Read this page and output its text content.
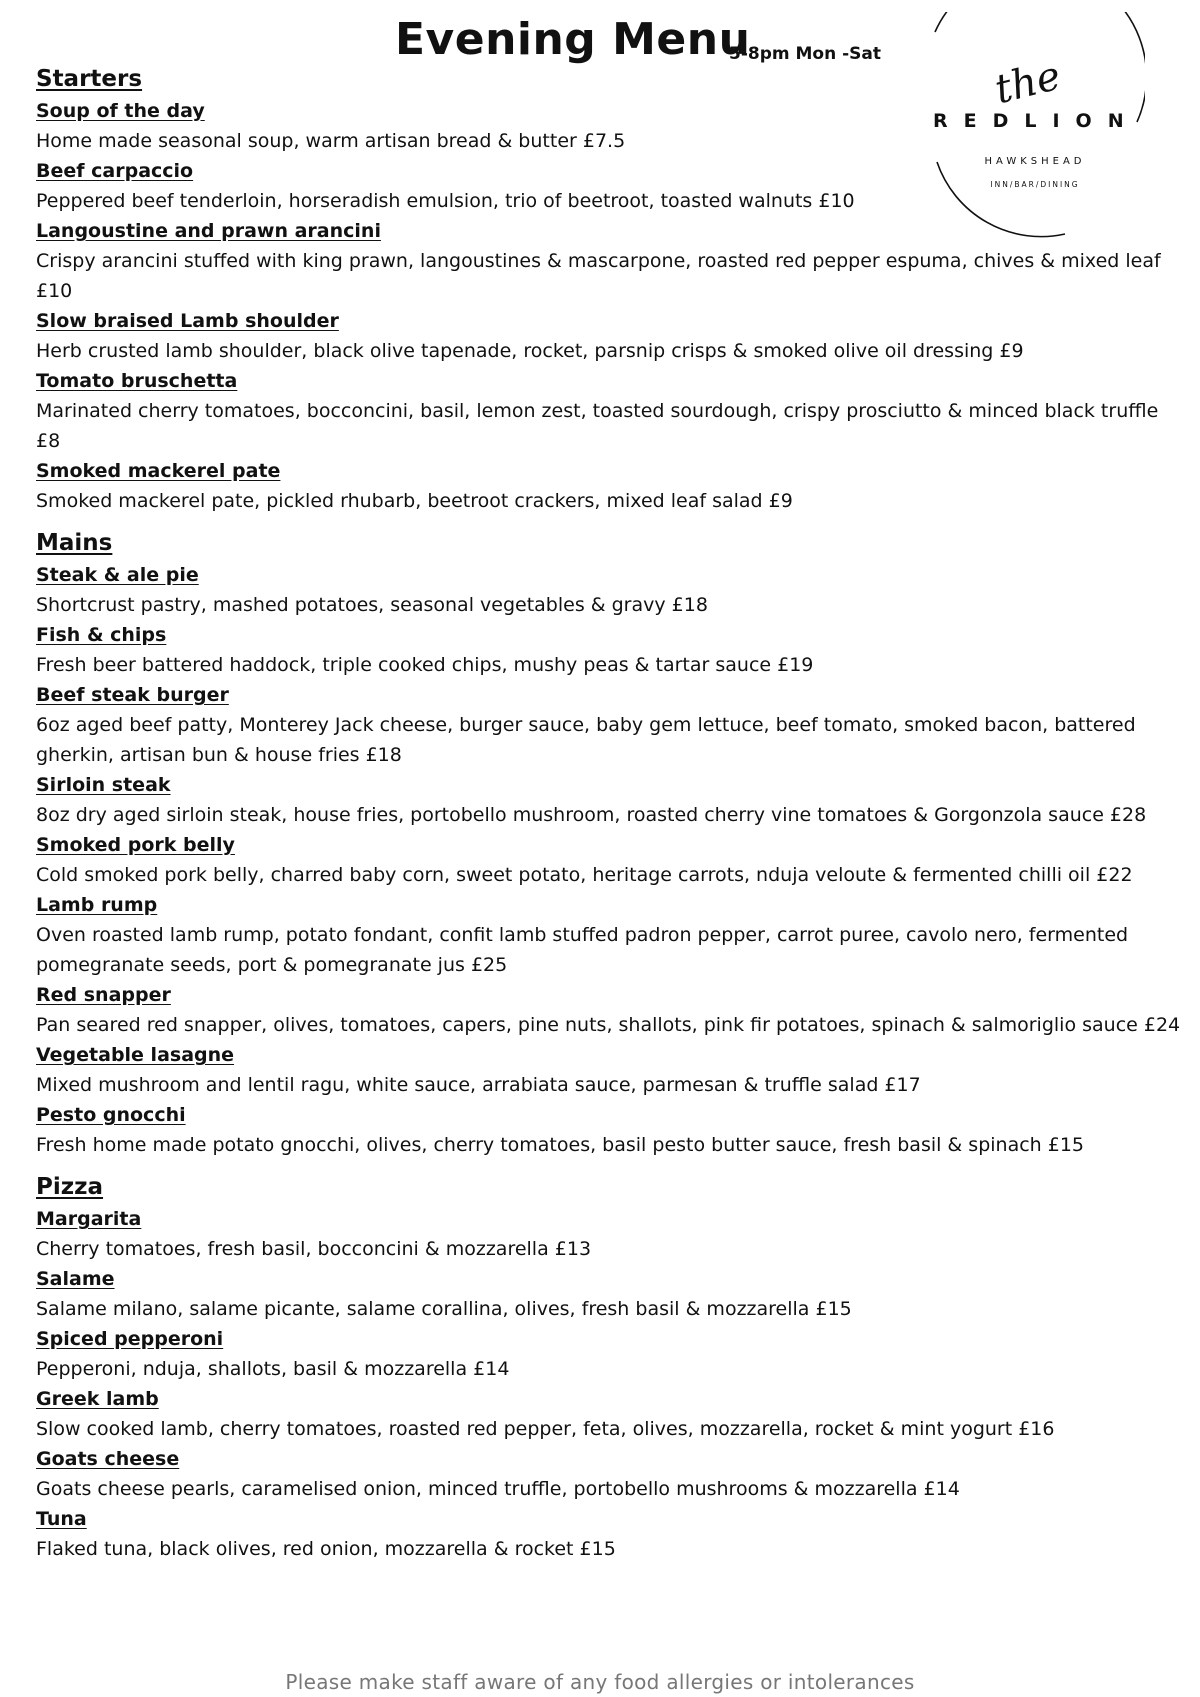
Evening Menu
5-8pm Mon -Sat	the
REDLION
HAWKSHEAD
INN/BAR/DINING
Starters
Soup of the day
Home made seasonal soup, warm artisan bread & butter £7.5
Beef carpaccio
Peppered beef tenderloin, horseradish emulsion, trio of beetroot, toasted walnuts £10
Langoustine and prawn arancini
Crispy arancini stuffed with king prawn, langoustines & mascarpone, roasted red pepper espuma, chives & mixed leaf £10
Slow braised Lamb shoulder
Herb crusted lamb shoulder, black olive tapenade, rocket, parsnip crisps & smoked olive oil dressing £9
Tomato bruschetta
Marinated cherry tomatoes, bocconcini, basil, lemon zest, toasted sourdough, crispy prosciutto & minced black truffle £8
Smoked mackerel pate
Smoked mackerel pate, pickled rhubarb, beetroot crackers, mixed leaf salad £9
Mains
Steak & ale pie
Shortcrust pastry, mashed potatoes, seasonal vegetables & gravy £18
Fish & chips
Fresh beer battered haddock, triple cooked chips, mushy peas & tartar sauce £19
Beef steak burger
6oz aged beef patty, Monterey Jack cheese, burger sauce, baby gem lettuce, beef tomato, smoked bacon, battered gherkin, artisan bun & house fries £18
Sirloin steak
8oz dry aged sirloin steak, house fries, portobello mushroom, roasted cherry vine tomatoes & Gorgonzola sauce £28
Smoked pork belly
Cold smoked pork belly, charred baby corn, sweet potato, heritage carrots, nduja veloute & fermented chilli oil £22
Lamb rump
Oven roasted lamb rump, potato fondant, confit lamb stuffed padron pepper, carrot puree, cavolo nero, fermented pomegranate seeds, port & pomegranate jus £25
Red snapper
Pan seared red snapper, olives, tomatoes, capers, pine nuts, shallots, pink fir potatoes, spinach & salmoriglio sauce £24
Vegetable lasagne
Mixed mushroom and lentil ragu, white sauce, arrabiata sauce, parmesan & truffle salad £17
Pesto gnocchi
Fresh home made potato gnocchi, olives, cherry tomatoes, basil pesto butter sauce, fresh basil & spinach £15
Pizza
Margarita
Cherry tomatoes, fresh basil, bocconcini & mozzarella £13
Salame
Salame milano, salame picante, salame corallina, olives, fresh basil & mozzarella £15
Spiced pepperoni
Pepperoni, nduja, shallots, basil & mozzarella £14
Greek lamb
Slow cooked lamb, cherry tomatoes, roasted red pepper, feta, olives, mozzarella, rocket & mint yogurt £16
Goats cheese
Goats cheese pearls, caramelised onion, minced truffle, portobello mushrooms & mozzarella £14
Tuna
Flaked tuna, black olives, red onion, mozzarella & rocket £15
Please make staff aware of any food allergies or intolerances
